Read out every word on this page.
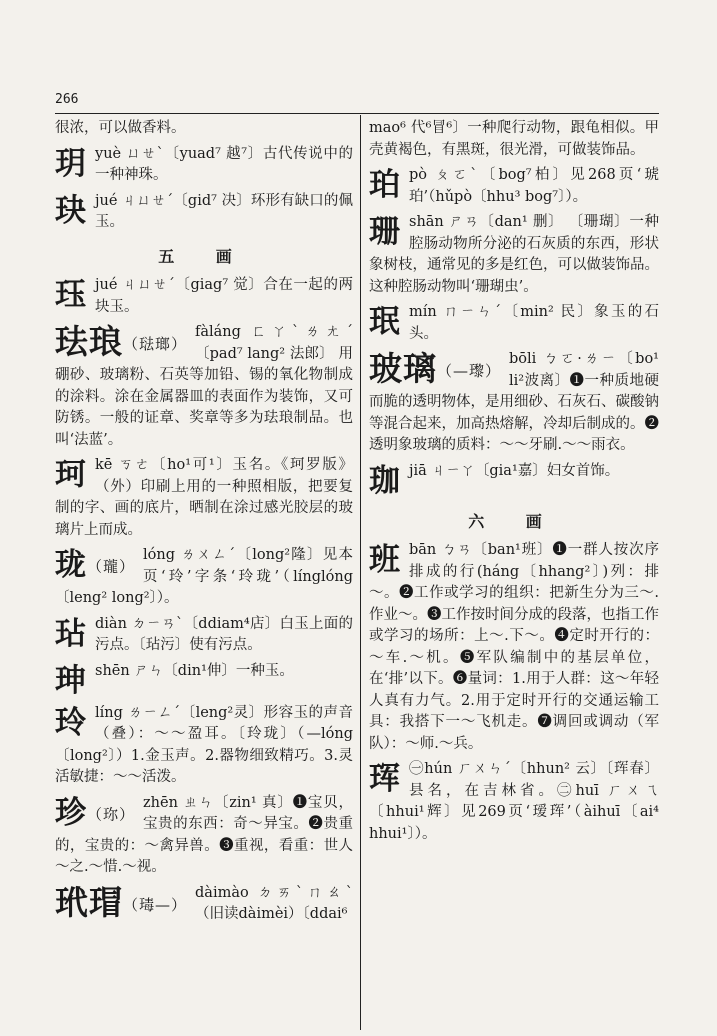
266

很浓，可以做香料。

玥yuè ㄩㄝˋ〔yuad⁷ 越⁷〕古代传说中的一种神珠。
玦jué ㄐㄩㄝˊ〔gid⁷ 决〕环形有缺口的佩玉。
五 画
珏jué ㄐㄩㄝˊ〔giag⁷ 觉〕合在一起的两块玉。
珐琅（琺瑯）
fàláng ㄈㄚˋㄌㄤˊ〔pad⁷ lang² 法郎〕 用硼砂、玻璃粉、石英等加铅、锡的氧化物制成的涂料。涂在金属器皿的表面作为装饰，又可防锈。一般的证章、奖章等多为珐琅制品。也叫‘法蓝’。
珂kē ㄎㄜ〔ho¹可¹〕玉名。《珂罗版》（外）印刷上用的一种照相版，把要复制的字、画的底片，晒制在涂过感光胶层的玻璃片上而成。
珑（瓏）
lóng ㄌㄨㄥˊ〔long²隆〕见本页‘玲’字条‘玲珑’（línglóng〔leng² long²〕）。
玷diàn ㄉㄧㄢˋ〔ddiam⁴店〕白玉上面的污点。〔玷污〕使有污点。
珅shēn ㄕㄣ〔din¹伸〕一种玉。
玲líng ㄌㄧㄥˊ〔leng²灵〕形容玉的声音（叠）：～～盈耳。〔玲珑〕（—lóng〔long²〕）1.金玉声。2.器物细致精巧。3.灵活敏捷：～～活泼。
珍（珎）
zhēn ㄓㄣ〔zin¹ 真〕❶宝贝，宝贵的东西：奇～异宝。❷贵重的，宝贵的：～禽异兽。❸重视，看重：世人～之.～惜.～视。
玳瑁（瑇—）
dàimào ㄉㄞˋㄇㄠˋ（旧读dàimèi）〔ddai⁶

mao⁶ 代⁶冒⁶〕一种爬行动物，跟龟相似。甲壳黄褐色，有黑斑，很光滑，可做装饰品。

珀pò ㄆㄛˋ〔bog⁷柏〕见268页‘琥珀’（hǔpò〔hhu³ bog⁷〕）。
珊shān ㄕㄢ〔dan¹ 删〕 〔珊瑚〕一种腔肠动物所分泌的石灰质的东西，形状象树枝，通常见的多是红色，可以做装饰品。这种腔肠动物叫‘珊瑚虫’。
珉mín ㄇㄧㄣˊ〔min² 民〕象玉的石头。
玻璃（—瓈）
bōli ㄅㄛ·ㄌㄧ〔bo¹ li²波离〕❶一种质地硬而脆的透明物体，是用细砂、石灰石、碳酸钠等混合起来，加高热熔解，冷却后制成的。❷透明象玻璃的质料：～～牙刷.～～雨衣。
珈jiā ㄐㄧㄚ〔gia¹嘉〕妇女首饰。
六 画
班bān ㄅㄢ〔ban¹班〕❶一群人按次序排成的行(háng〔hhang²〕)列：排～。❷工作或学习的组织：把新生分为三～.作业～。❸工作按时间分成的段落，也指工作或学习的场所：上～.下～。❹定时开行的：～车.～机。❺军队编制中的基层单位，在‘排’以下。❻量词：1.用于人群：这～年轻人真有力气。2.用于定时开行的交通运输工具：我搭下一～飞机走。❼调回或调动（军队）：～师.～兵。
珲 ㊀hún ㄏㄨㄣˊ〔hhun² 云〕〔珲春〕县名，在吉林省。㊁huī ㄏㄨㄟ〔hhui¹辉〕见269页‘瑷珲’（àihuī〔ai⁴ hhui¹〕）。
